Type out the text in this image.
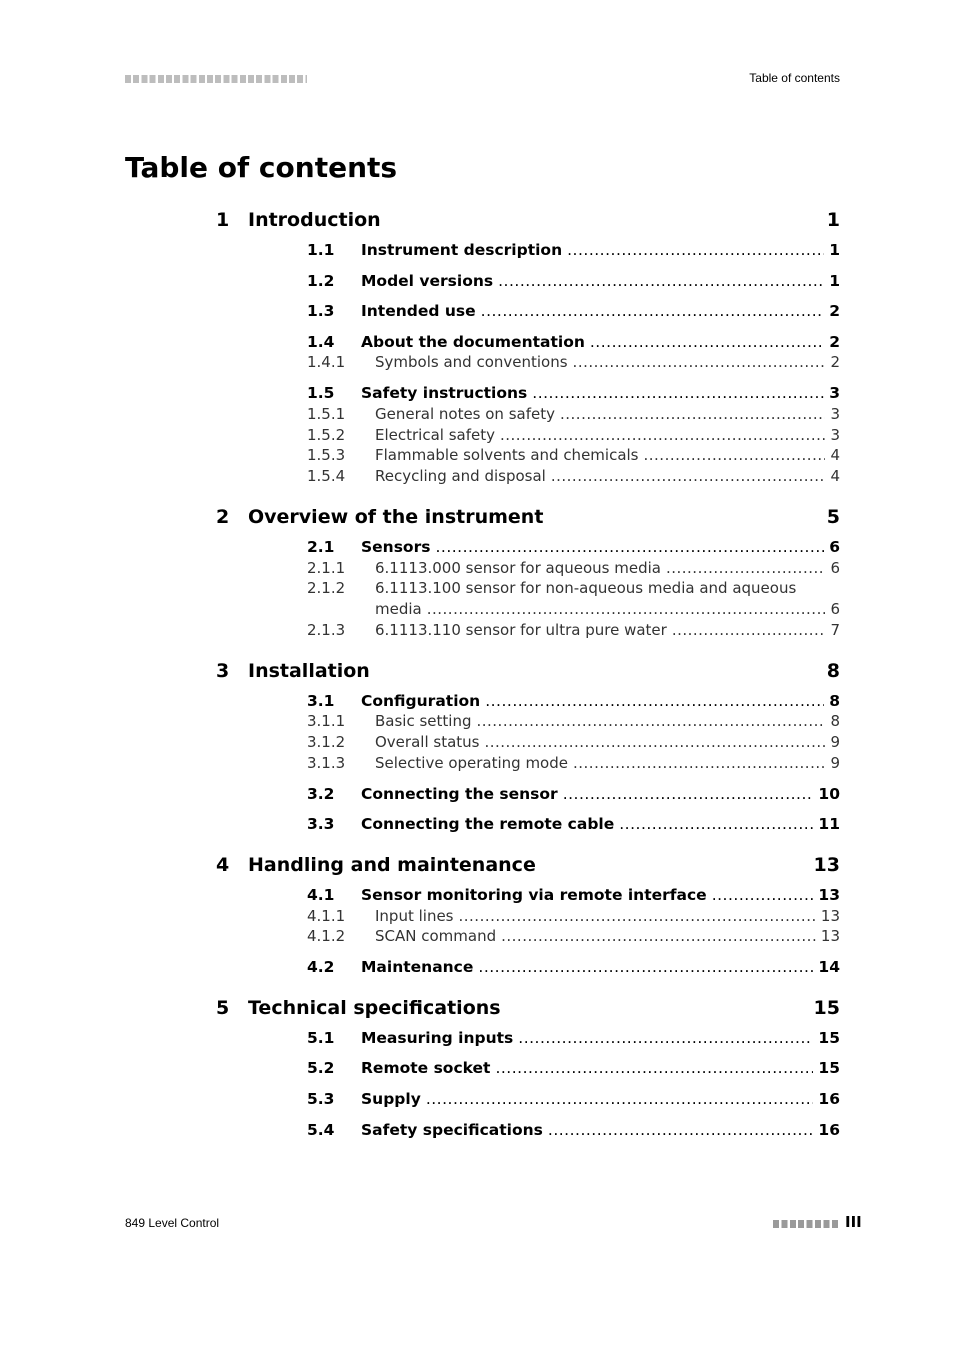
Table of contents
Table of contents
1 Introduction	1
1.1 Instrument description .....	1
1.2 Model versions .....	1
1.3 Intended use .....	2
1.4 About the documentation .....	2
1.4.1 Symbols and conventions .....	2
1.5 Safety instructions .....	3
1.5.1 General notes on safety .....	3
1.5.2 Electrical safety .....	3
1.5.3 Flammable solvents and chemicals .....	4
1.5.4 Recycling and disposal .....	4
2 Overview of the instrument	5
2.1 Sensors .....	6
2.1.1 6.1113.000 sensor for aqueous media .....	6
2.1.2 6.1113.100 sensor for non-aqueous media and aqueous
media .....	6
2.1.3 6.1113.110 sensor for ultra pure water .....	7
3 Installation	8
3.1 Configuration .....	8
3.1.1 Basic setting .....	8
3.1.2 Overall status .....	9
3.1.3 Selective operating mode .....	9
3.2 Connecting the sensor .....	10
3.3 Connecting the remote cable .....	11
4 Handling and maintenance	13
4.1 Sensor monitoring via remote interface .....	13
4.1.1 Input lines .....	13
4.1.2 SCAN command .....	13
4.2 Maintenance .....	14
5 Technical specifications	15
5.1 Measuring inputs .....	15
5.2 Remote socket .....	15
5.3 Supply .....	16
5.4 Safety specifications .....	16
849 Level Control	III
